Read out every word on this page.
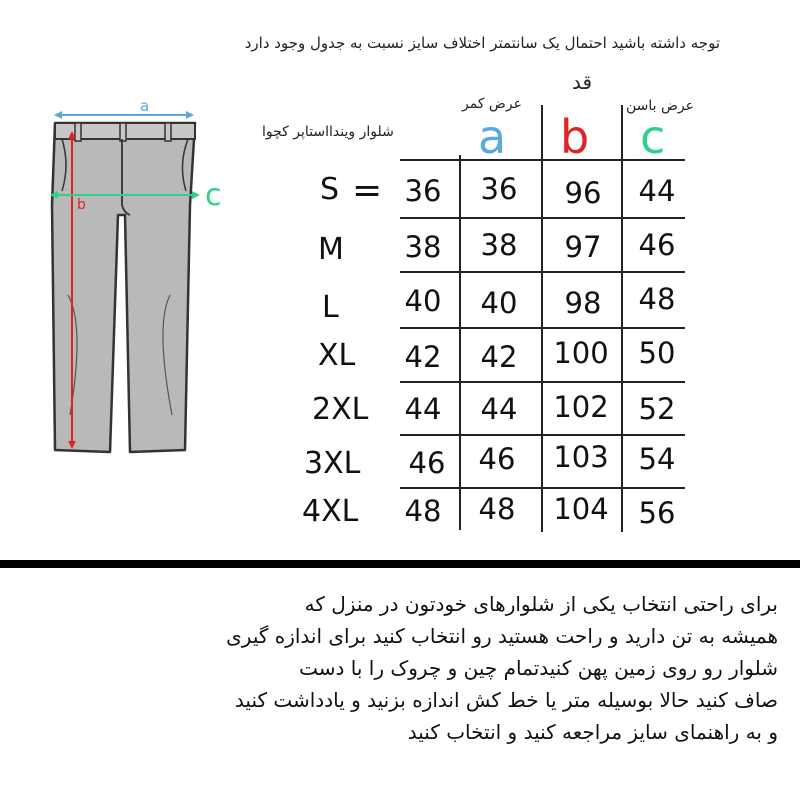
توجه داشته باشید احتمال یک سانتمتر اختلاف سایز نسبت به جدول وجود دارد
a
b	c
شلوار ویندااستاپر کچوا
عرض کمر
قد
عرض باسن
a b c
S =
M
L
XL
2XL
3XL
4XL
36
38
40
42
44
46
48
36
38
40
42
44
46
48
96
97
98
100
102
103
104
44
46
48
50
52
54
56

برای راحتی انتخاب یکی از شلوارهای خودتون در منزل که

همیشه به تن دارید و راحت هستید رو انتخاب کنید برای اندازه گیری

شلوار رو روی زمین پهن کنیدتمام چین و چروک را با دست

صاف کنید حالا بوسیله متر یا خط کش اندازه بزنید و یادداشت کنید

و به راهنمای سایز مراجعه کنید و انتخاب کنید
